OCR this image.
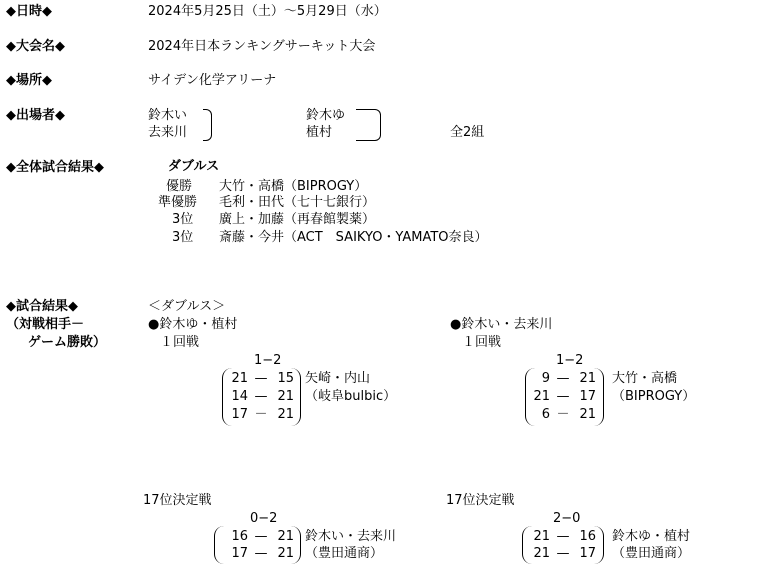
◆日時◆	2024年5月25日（土）～5月29日（水）
◆大会名◆	2024年日本ランキングサーキット大会
◆場所◆	サイデン化学アリーナ
◆出場者◆	鈴木い
去来川
鈴木ゆ
植村	全2組
◆全体試合結果◆	ダブルス
優勝 大竹・高橋（BIPROGY）
準優勝 毛利・田代（七十七銀行）
3位 廣上・加藤（再春館製薬）
3位 斎藤・今井（ACT　SAIKYO・YAMATO奈良）
◆試合結果◆
（対戦相手－
ゲーム勝敗）
＜ダブルス＞
●鈴木ゆ・植村
１回戦
1−2
21 — 15
14 — 21
17 － 21
矢崎・内山
（岐阜bulbic）
●鈴木い・去来川
１回戦
1−2
9 — 21
21 — 17
6 － 21
大竹・高橋
（BIPROGY）
17位決定戦
0−2
16 — 21
17 — 21
鈴木い・去来川
（豊田通商）
17位決定戦
2−0
21 — 16
21 — 17
鈴木ゆ・植村
（豊田通商）
